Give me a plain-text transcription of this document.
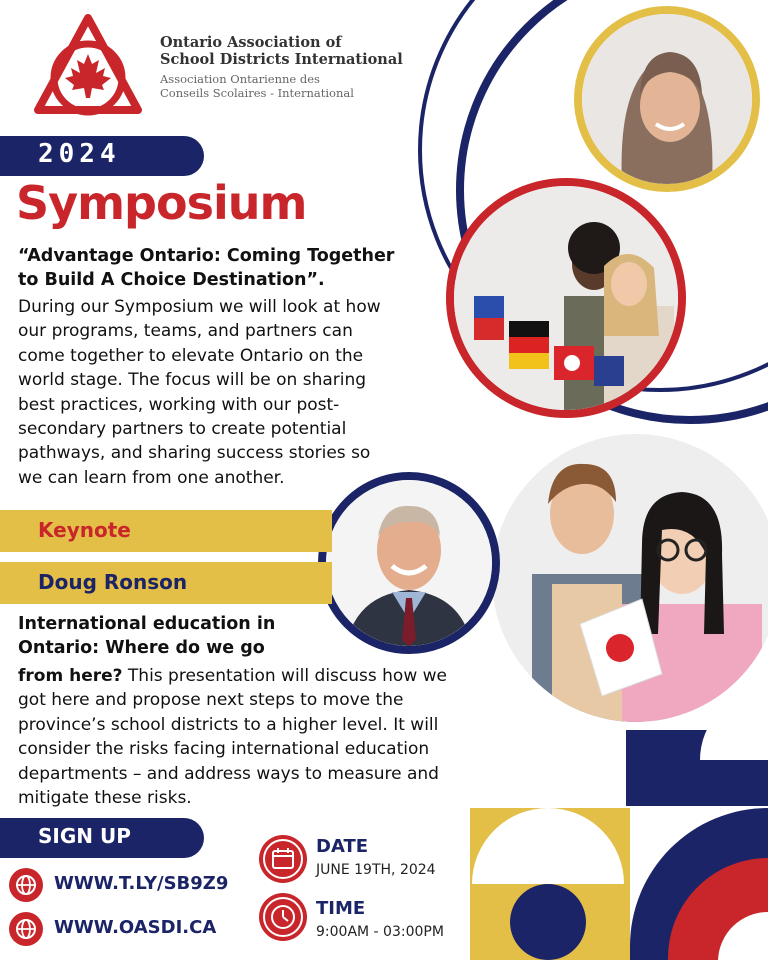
Ontario Association of
School Districts International
Association Ontarienne des
Conseils Scolaires - International
2024
Symposium
“Advantage Ontario: Coming Together
to Build A Choice Destination”.
During our Symposium we will look at how
our programs, teams, and partners can
come together to elevate Ontario on the
world stage. The focus will be on sharing
best practices, working with our post-
secondary partners to create potential
pathways, and sharing success stories so
we can learn from one another.
Keynote
Doug Ronson
International education in
Ontario: Where do we go
from here? This presentation will discuss how we
got here and propose next steps to move the
province’s school districts to a higher level. It will
consider the risks facing international education
departments – and address ways to measure and
mitigate these risks.
SIGN UP
WWW.T.LY/SB9Z9
WWW.OASDI.CA
DATE
JUNE 19TH, 2024
TIME
9:00AM - 03:00PM
